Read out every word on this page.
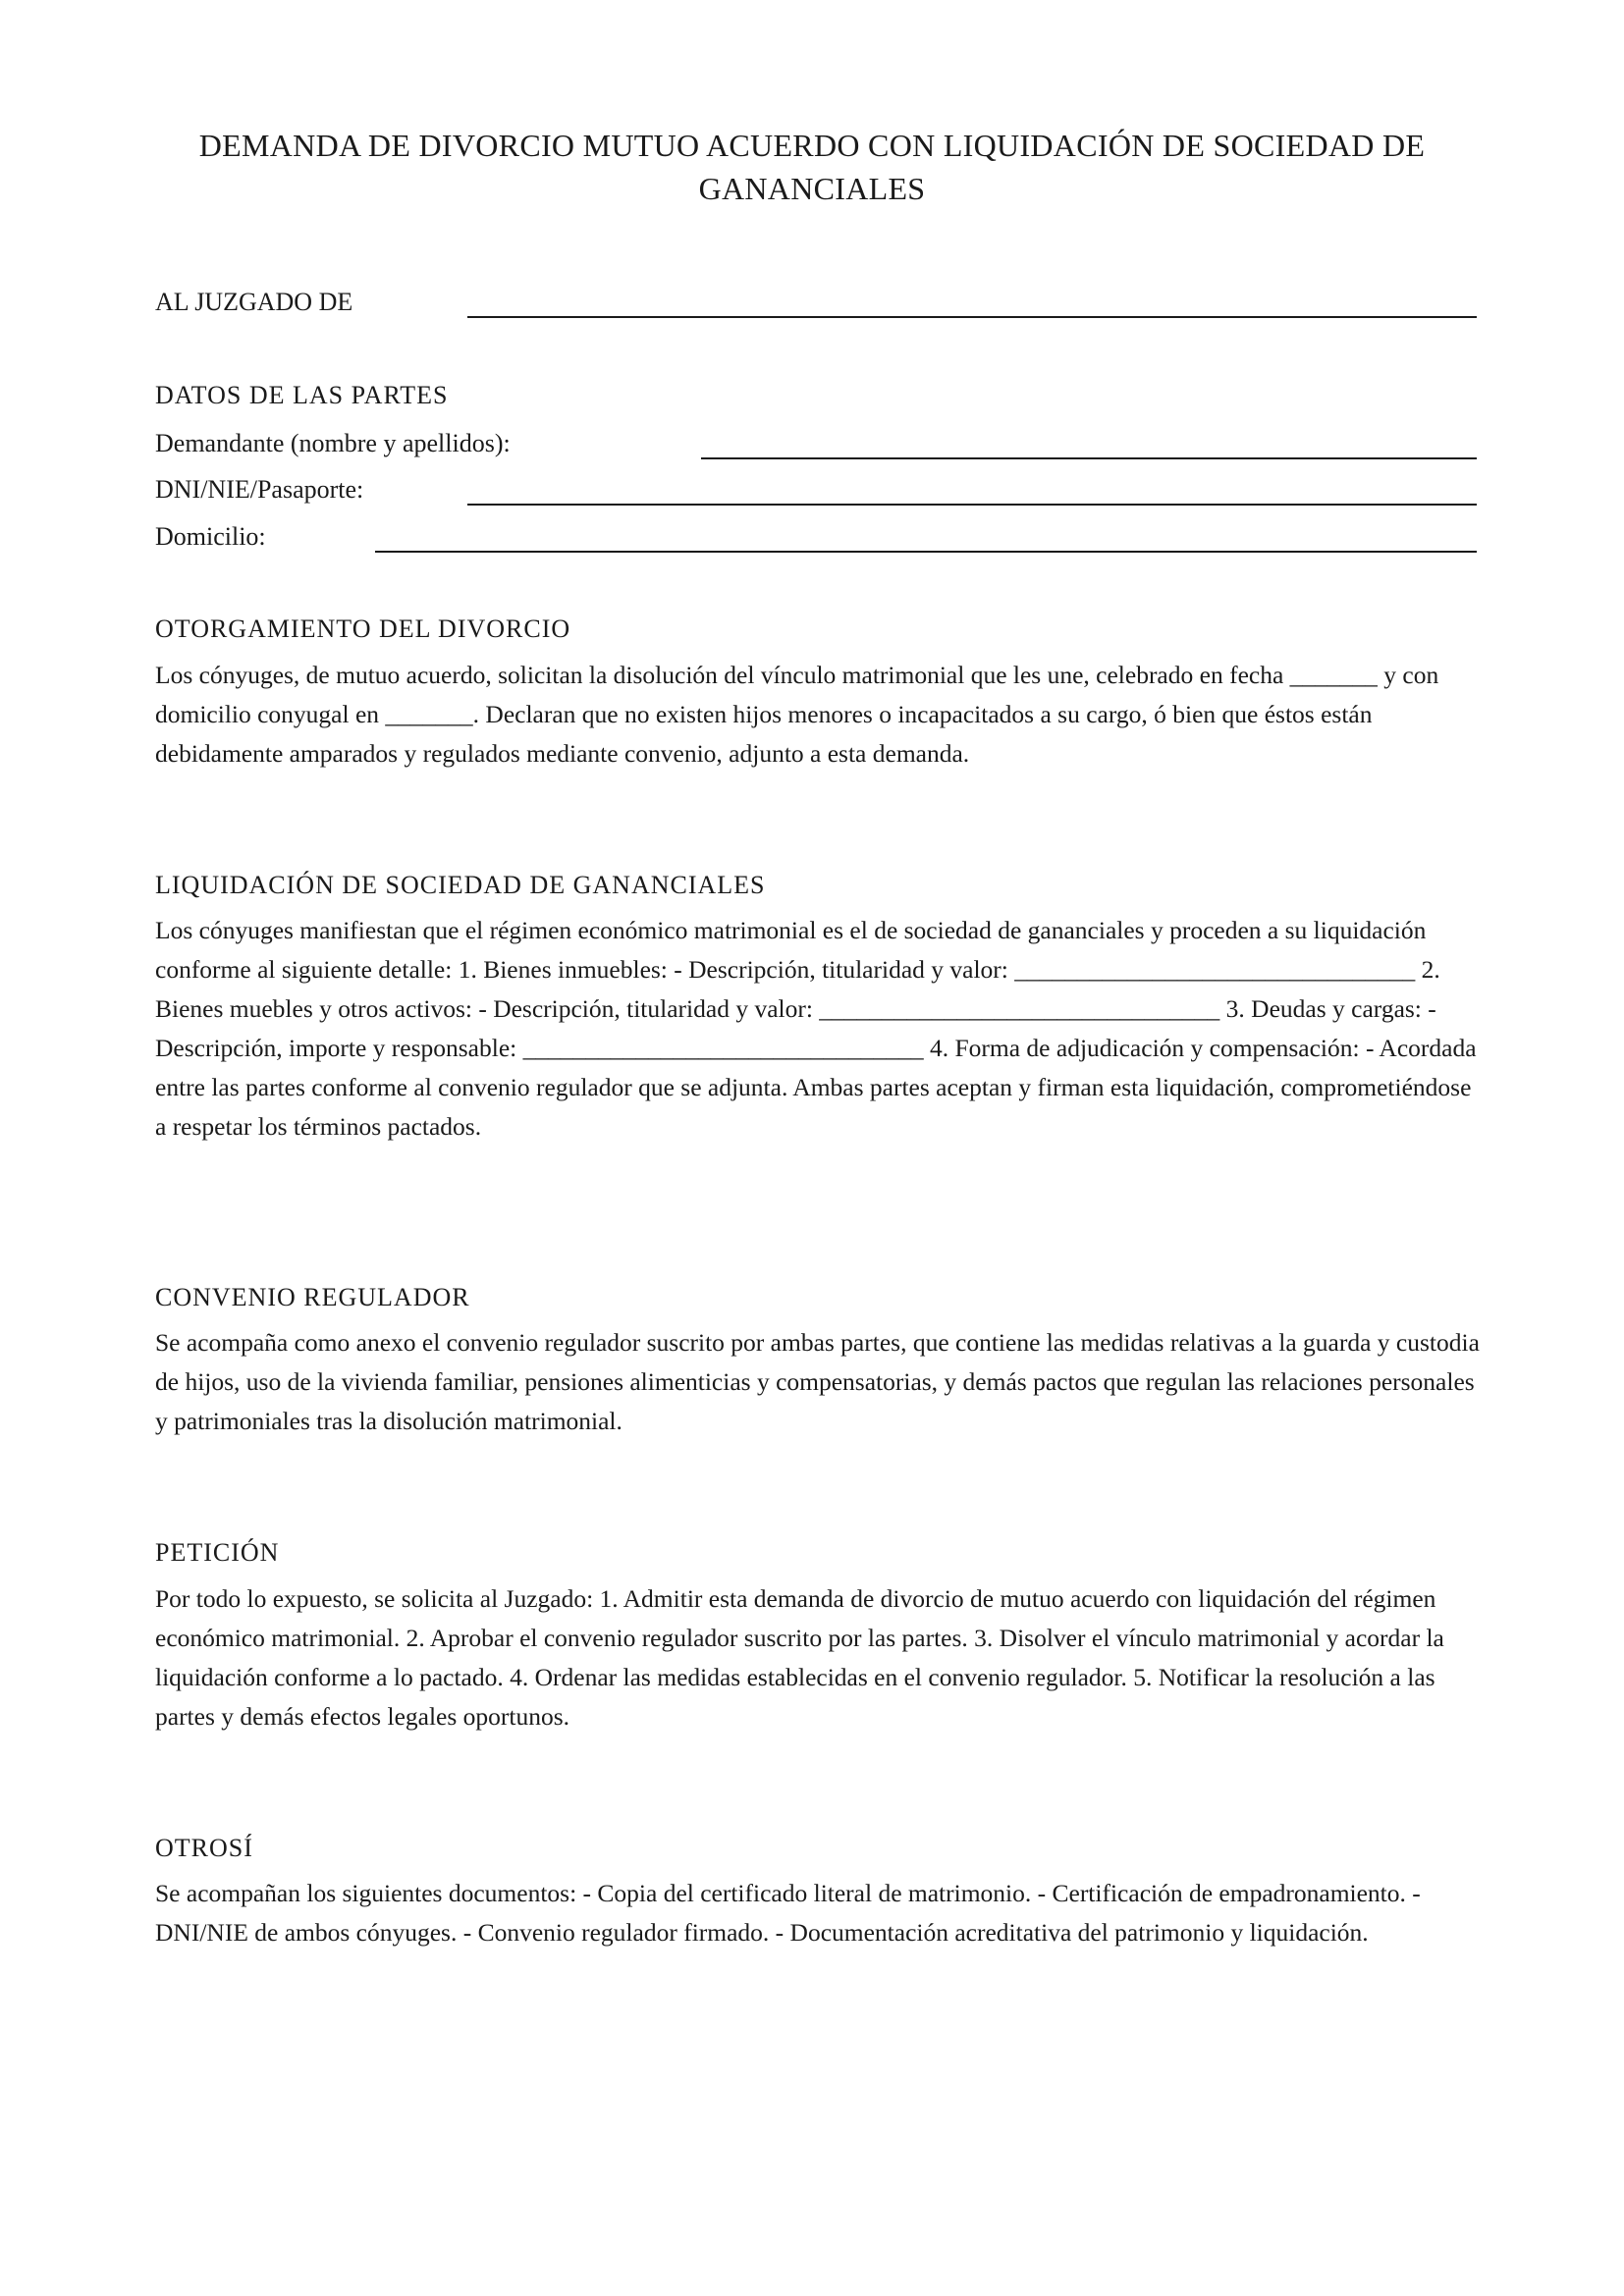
DEMANDA DE DIVORCIO MUTUO ACUERDO CON LIQUIDACIÓN DE SOCIEDAD DE GANANCIALES
AL JUZGADO DE
DATOS DE LAS PARTES
Demandante (nombre y apellidos):
DNI/NIE/Pasaporte:
Domicilio:
OTORGAMIENTO DEL DIVORCIO

Los cónyuges, de mutuo acuerdo, solicitan la disolución del vínculo matrimonial que les une, celebrado en fecha _______ y con domicilio conyugal en _______. Declaran que no existen hijos menores o incapacitados a su cargo, ó bien que éstos están debidamente amparados y regulados mediante convenio, adjunto a esta demanda.

LIQUIDACIÓN DE SOCIEDAD DE GANANCIALES

Los cónyuges manifiestan que el régimen económico matrimonial es el de sociedad de gananciales y proceden a su liquidación conforme al siguiente detalle: 1. Bienes inmuebles: - Descripción, titularidad y valor: ________________________________ 2. Bienes muebles y otros activos: - Descripción, titularidad y valor: ________________________________ 3. Deudas y cargas: - Descripción, importe y responsable: ________________________________ 4. Forma de adjudicación y compensación: - Acordada entre las partes conforme al convenio regulador que se adjunta. Ambas partes aceptan y firman esta liquidación, comprometiéndose a respetar los términos pactados.

CONVENIO REGULADOR

Se acompaña como anexo el convenio regulador suscrito por ambas partes, que contiene las medidas relativas a la guarda y custodia de hijos, uso de la vivienda familiar, pensiones alimenticias y compensatorias, y demás pactos que regulan las relaciones personales y patrimoniales tras la disolución matrimonial.

PETICIÓN

Por todo lo expuesto, se solicita al Juzgado: 1. Admitir esta demanda de divorcio de mutuo acuerdo con liquidación del régimen económico matrimonial. 2. Aprobar el convenio regulador suscrito por las partes. 3. Disolver el vínculo matrimonial y acordar la liquidación conforme a lo pactado. 4. Ordenar las medidas establecidas en el convenio regulador. 5. Notificar la resolución a las partes y demás efectos legales oportunos.

OTROSÍ

Se acompañan los siguientes documentos: - Copia del certificado literal de matrimonio. - Certificación de empadronamiento. - DNI/NIE de ambos cónyuges. - Convenio regulador firmado. - Documentación acreditativa del patrimonio y liquidación.
